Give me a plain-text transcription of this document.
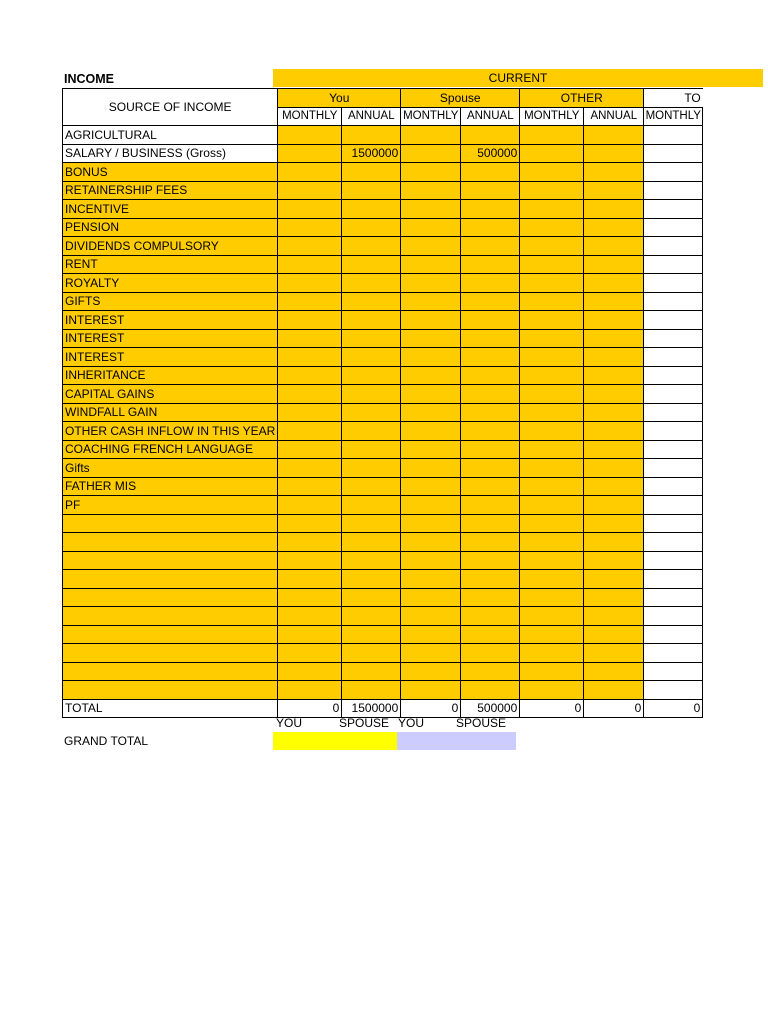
INCOME	CURRENT
SOURCE OF INCOME	You		Spouse		OTHER		TO
	MONTHLY	ANNUAL	MONTHLY	ANNUAL	MONTHLY	ANNUAL	MONTHLY
AGRICULTURAL							
SALARY / BUSINESS (Gross)		1500000		500000			
BONUS							
RETAINERSHIP FEES							
INCENTIVE							
PENSION							
DIVIDENDS COMPULSORY							
RENT							
ROYALTY							
GIFTS							
INTEREST							
INTEREST							
INTEREST							
INHERITANCE							
CAPITAL GAINS							
WINDFALL GAIN							
OTHER CASH INFLOW IN THIS YEAR							
COACHING FRENCH LANGUAGE							
Gifts							
FATHER MIS							
PF							

TOTAL	0	1500000	0	500000	0	0	0
YOU	SPOUSE YOU	SPOUSE
GRAND TOTAL
